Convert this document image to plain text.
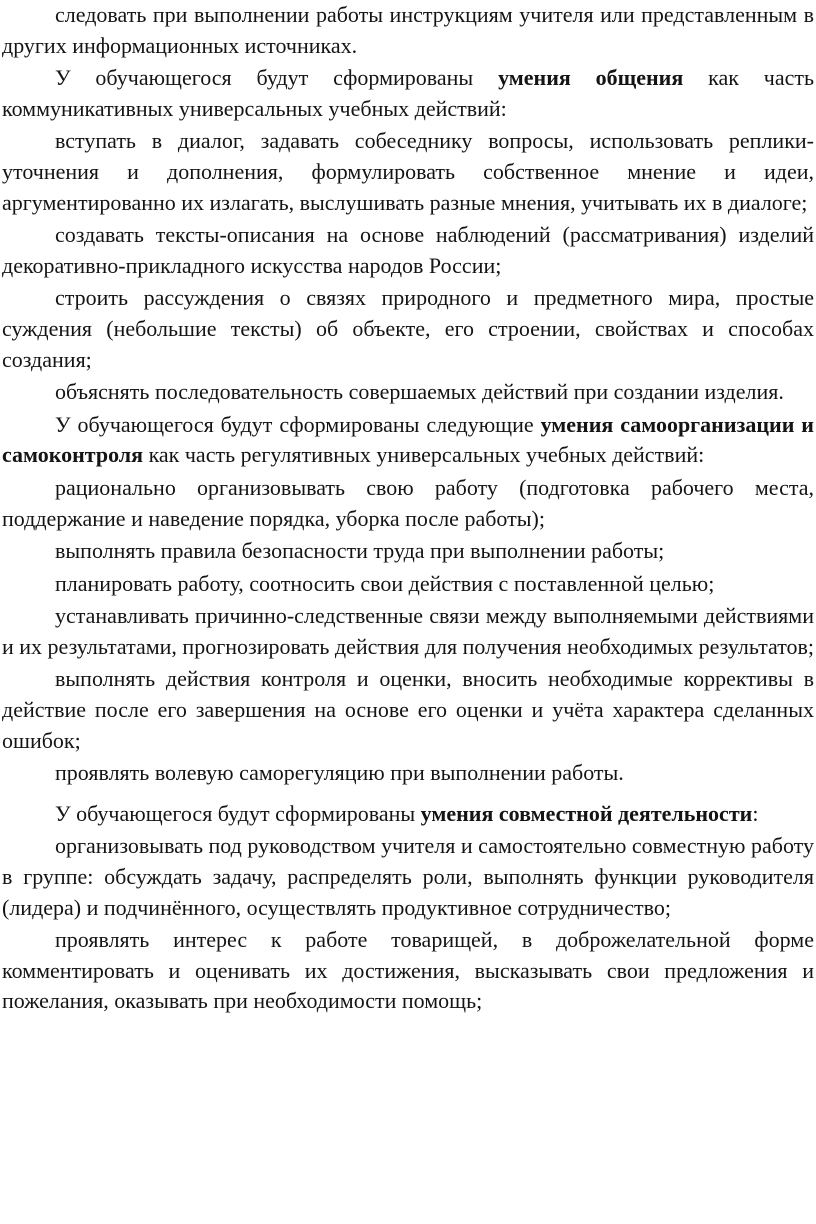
следовать при выполнении работы инструкциям учителя или представленным в других информационных источниках.

У обучающегося будут сформированы умения общения как часть коммуникативных универсальных учебных действий:

вступать в диалог, задавать собеседнику вопросы, использовать реплики-уточнения и дополнения, формулировать собственное мнение и идеи, аргументированно их излагать, выслушивать разные мнения, учитывать их в диалоге;

создавать тексты-описания на основе наблюдений (рассматривания) изделий декоративно-прикладного искусства народов России;

строить рассуждения о связях природного и предметного мира, простые суждения (небольшие тексты) об объекте, его строении, свойствах и способах создания;

объяснять последовательность совершаемых действий при создании изделия.

У обучающегося будут сформированы следующие умения самоорганизации и самоконтроля как часть регулятивных универсальных учебных действий:

рационально организовывать свою работу (подготовка рабочего места, поддержание и наведение порядка, уборка после работы);

выполнять правила безопасности труда при выполнении работы;

планировать работу, соотносить свои действия с поставленной целью;

устанавливать причинно-следственные связи между выполняемыми действиями и их результатами, прогнозировать действия для получения необходимых результатов;

выполнять действия контроля и оценки, вносить необходимые коррективы в действие после его завершения на основе его оценки и учёта характера сделанных ошибок;

проявлять волевую саморегуляцию при выполнении работы.

У обучающегося будут сформированы умения совместной деятельности:

организовывать под руководством учителя и самостоятельно совместную работу в группе: обсуждать задачу, распределять роли, выполнять функции руководителя (лидера) и подчинённого, осуществлять продуктивное сотрудничество;

проявлять интерес к работе товарищей, в доброжелательной форме комментировать и оценивать их достижения, высказывать свои предложения и пожелания, оказывать при необходимости помощь;
